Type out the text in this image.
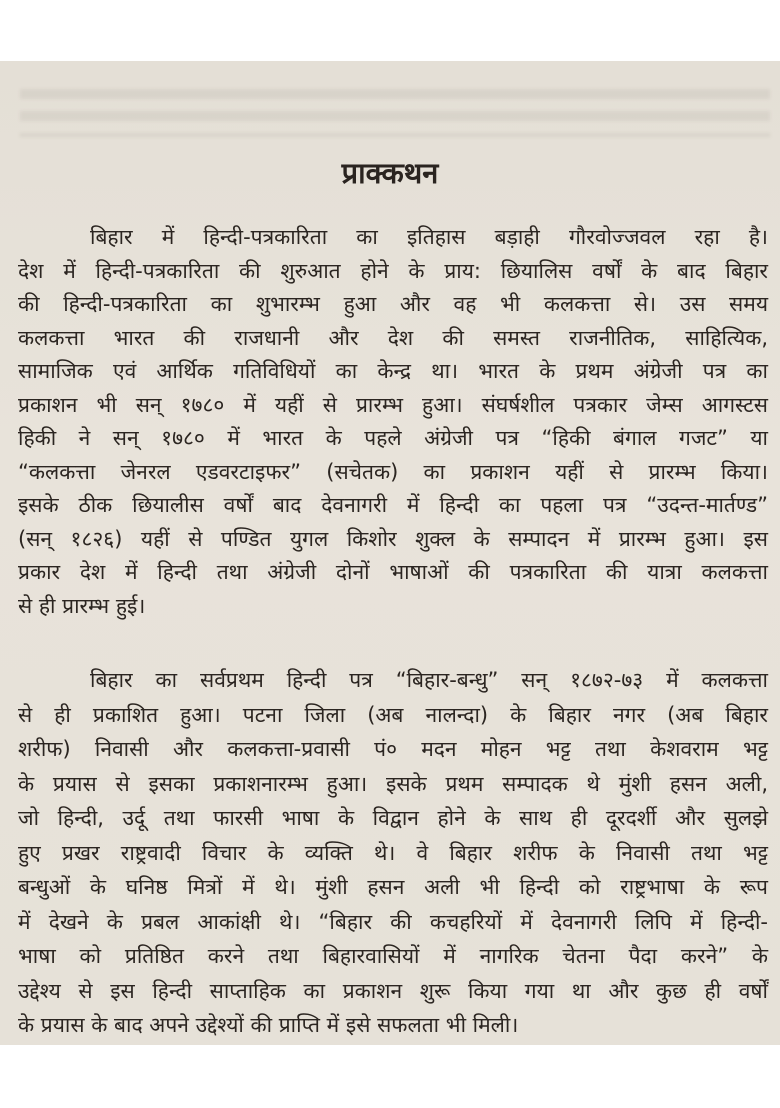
प्राक्कथन
बिहार में हिन्दी-पत्रकारिता का इतिहास बड़ाही गौरवोज्जवल रहा है।
देश में हिन्दी-पत्रकारिता की शुरुआत होने के प्राय: छियालिस वर्षों के बाद बिहार
की हिन्दी-पत्रकारिता का शुभारम्भ हुआ और वह भी कलकत्ता से। उस समय
कलकत्ता भारत की राजधानी और देश की समस्त राजनीतिक, साहित्यिक,
सामाजिक एवं आर्थिक गतिविधियों का केन्द्र था। भारत के प्रथम अंग्रेजी पत्र का
प्रकाशन भी सन् १७८० में यहीं से प्रारम्भ हुआ। संघर्षशील पत्रकार जेम्स आगस्टस
हिकी ने सन् १७८० में भारत के पहले अंग्रेजी पत्र “हिकी बंगाल गजट” या
“कलकत्ता जेनरल एडवरटाइफर” (सचेतक) का प्रकाशन यहीं से प्रारम्भ किया।
इसके ठीक छियालीस वर्षों बाद देवनागरी में हिन्दी का पहला पत्र “उदन्त-मार्तण्ड”
(सन् १८२६) यहीं से पण्डित युगल किशोर शुक्ल के सम्पादन में प्रारम्भ हुआ। इस
प्रकार देश में हिन्दी तथा अंग्रेजी दोनों भाषाओं की पत्रकारिता की यात्रा कलकत्ता
से ही प्रारम्भ हुई।
बिहार का सर्वप्रथम हिन्दी पत्र “बिहार-बन्धु” सन् १८७२-७३ में कलकत्ता
से ही प्रकाशित हुआ। पटना जिला (अब नालन्दा) के बिहार नगर (अब बिहार
शरीफ) निवासी और कलकत्ता-प्रवासी पं० मदन मोहन भट्ट तथा केशवराम भट्ट
के प्रयास से इसका प्रकाशनारम्भ हुआ। इसके प्रथम सम्पादक थे मुंशी हसन अली,
जो हिन्दी, उर्दू तथा फारसी भाषा के विद्वान होने के साथ ही दूरदर्शी और सुलझे
हुए प्रखर राष्ट्रवादी विचार के व्यक्ति थे। वे बिहार शरीफ के निवासी तथा भट्ट
बन्धुओं के घनिष्ठ मित्रों में थे। मुंशी हसन अली भी हिन्दी को राष्ट्रभाषा के रूप
में देखने के प्रबल आकांक्षी थे। “बिहार की कचहरियों में देवनागरी लिपि में हिन्दी-
भाषा को प्रतिष्ठित करने तथा बिहारवासियों में नागरिक चेतना पैदा करने” के
उद्देश्य से इस हिन्दी साप्ताहिक का प्रकाशन शुरू किया गया था और कुछ ही वर्षों
के प्रयास के बाद अपने उद्देश्यों की प्राप्ति में इसे सफलता भी मिली।
